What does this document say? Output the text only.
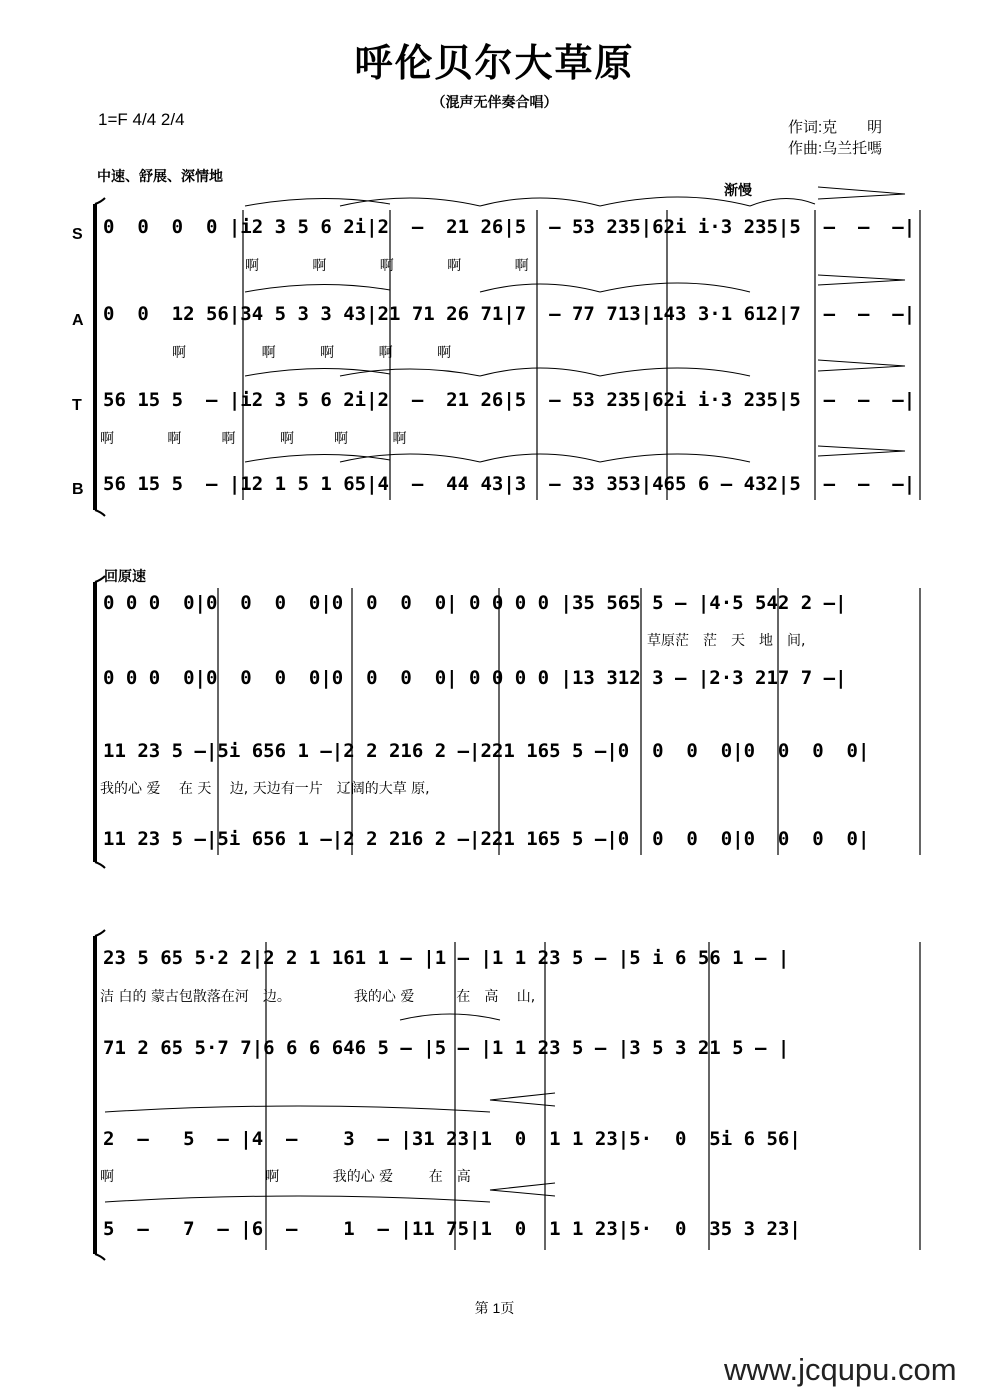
呼伦贝尔大草原
（混声无伴奏合唱）
1=F 4/4 2/4	作词:克　　明
作曲:乌兰托嗎
中速、舒展、深情地
渐慢
回原速
S
A
T
B
0  0  0  0 |i2 3 5 6 2i|2  –  21 26|5  – 53 235|62i i·3 235|5  –  –  –|
啊            啊            啊            啊            啊
0  0  12 56|34 5 3 3 43|21 71 26 71|7  – 77 713|143 3·1 612|7  –  –  –|
啊                 啊          啊          啊          啊
56 15 5  – |i2 3 5 6 2i|2  –  21 26|5  – 53 235|62i i·3 235|5  –  –  –|
啊            啊         啊          啊         啊          啊
56 15 5  – |12 1 5 1 65|4  –  44 43|3  – 33 353|465 6 – 432|5  –  –  –|
0 0 0  0|0  0  0  0|0  0  0  0| 0 0 0 0 |35 565 5 – |4·5 542 2 –|
草原茫　茫　天　地　间,
0 0 0  0|0  0  0  0|0  0  0  0| 0 0 0 0 |13 312 3 – |2·3 217 7 –|
11 23 5 –|5i 656 1 –|2 2 216 2 –|221 165 5 –|0  0  0  0|0  0  0  0|
我的心 爱　 在 天　 边, 天边有一片　辽阔的大草 原,
11 23 5 –|5i 656 1 –|2 2 216 2 –|221 165 5 –|0  0  0  0|0  0  0  0|
23 5 65 5·2 2|2 2 1 161 1 – |1 – |1 1 23 5 – |5 i 6 56 1 – |
洁 白的 蒙古包散落在河　边。　　　　　我的心 爱　　　在　高　 山,
71 2 65 5·7 7|6 6 6 646 5 – |5 – |1 1 23 5 – |3 5 3 21 5 – |
2  –   5  – |4  –    3  – |31 23|1  0  1 1 23|5·  0  5i 6 56|
啊                                  啊            我的心 爱        在　高
5  –   7  – |6  –    1  – |11 75|1  0  1 1 23|5·  0  35 3 23|
第 1页
www.jcqupu.com
